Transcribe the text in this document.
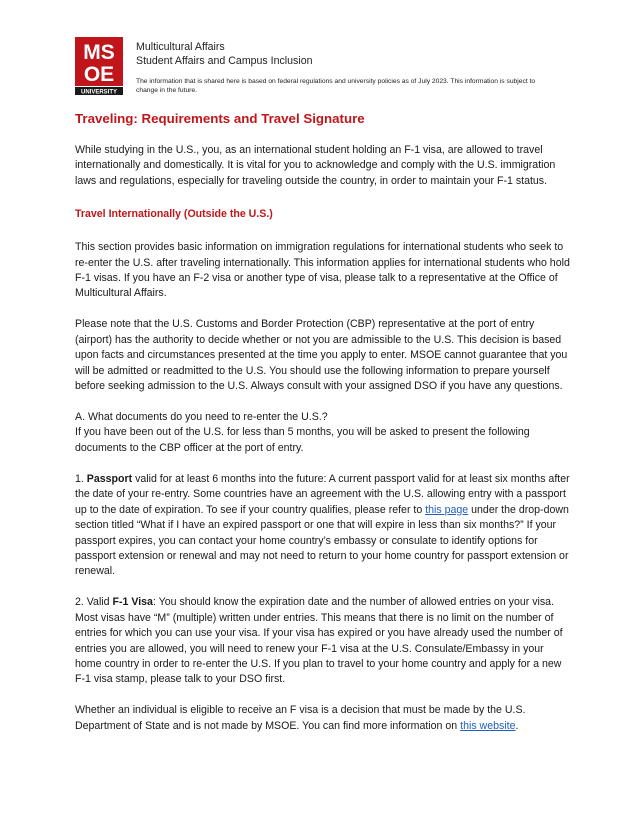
MS
OE
UNIVERSITY
Multicultural Affairs
Student Affairs and Campus Inclusion
The information that is shared here is based on federal regulations and university policies as of July 2023. This information is subject to change in the future.
Traveling: Requirements and Travel Signature

While studying in the U.S., you, as an international student holding an F-1 visa, are allowed to travel internationally and domestically. It is vital for you to acknowledge and comply with the U.S. immigration laws and regulations, especially for traveling outside the country, in order to maintain your F-1 status.

Travel Internationally (Outside the U.S.)

This section provides basic information on immigration regulations for international students who seek to re-enter the U.S. after traveling internationally. This information applies for international students who hold F-1 visas. If you have an F-2 visa or another type of visa, please talk to a representative at the Office of Multicultural Affairs.

Please note that the U.S. Customs and Border Protection (CBP) representative at the port of entry (airport) has the authority to decide whether or not you are admissible to the U.S. This decision is based upon facts and circumstances presented at the time you apply to enter. MSOE cannot guarantee that you will be admitted or readmitted to the U.S. You should use the following information to prepare yourself before seeking admission to the U.S. Always consult with your assigned DSO if you have any questions.

A. What documents do you need to re-enter the U.S.?
If you have been out of the U.S. for less than 5 months, you will be asked to present the following documents to the CBP officer at the port of entry.

1. Passport valid for at least 6 months into the future: A current passport valid for at least six months after the date of your re-entry. Some countries have an agreement with the U.S. allowing entry with a passport up to the date of expiration. To see if your country qualifies, please refer to this page under the drop-down section titled “What if I have an expired passport or one that will expire in less than six months?” If your passport expires, you can contact your home country’s embassy or consulate to identify options for passport extension or renewal and may not need to return to your home country for passport extension or renewal.

2. Valid F-1 Visa: You should know the expiration date and the number of allowed entries on your visa. Most visas have “M” (multiple) written under entries. This means that there is no limit on the number of entries for which you can use your visa. If your visa has expired or you have already used the number of entries you are allowed, you will need to renew your F-1 visa at the U.S. Consulate/Embassy in your home country in order to re-enter the U.S. If you plan to travel to your home country and apply for a new F-1 visa stamp, please talk to your DSO first.

Whether an individual is eligible to receive an F visa is a decision that must be made by the U.S. Department of State and is not made by MSOE. You can find more information on this website.
